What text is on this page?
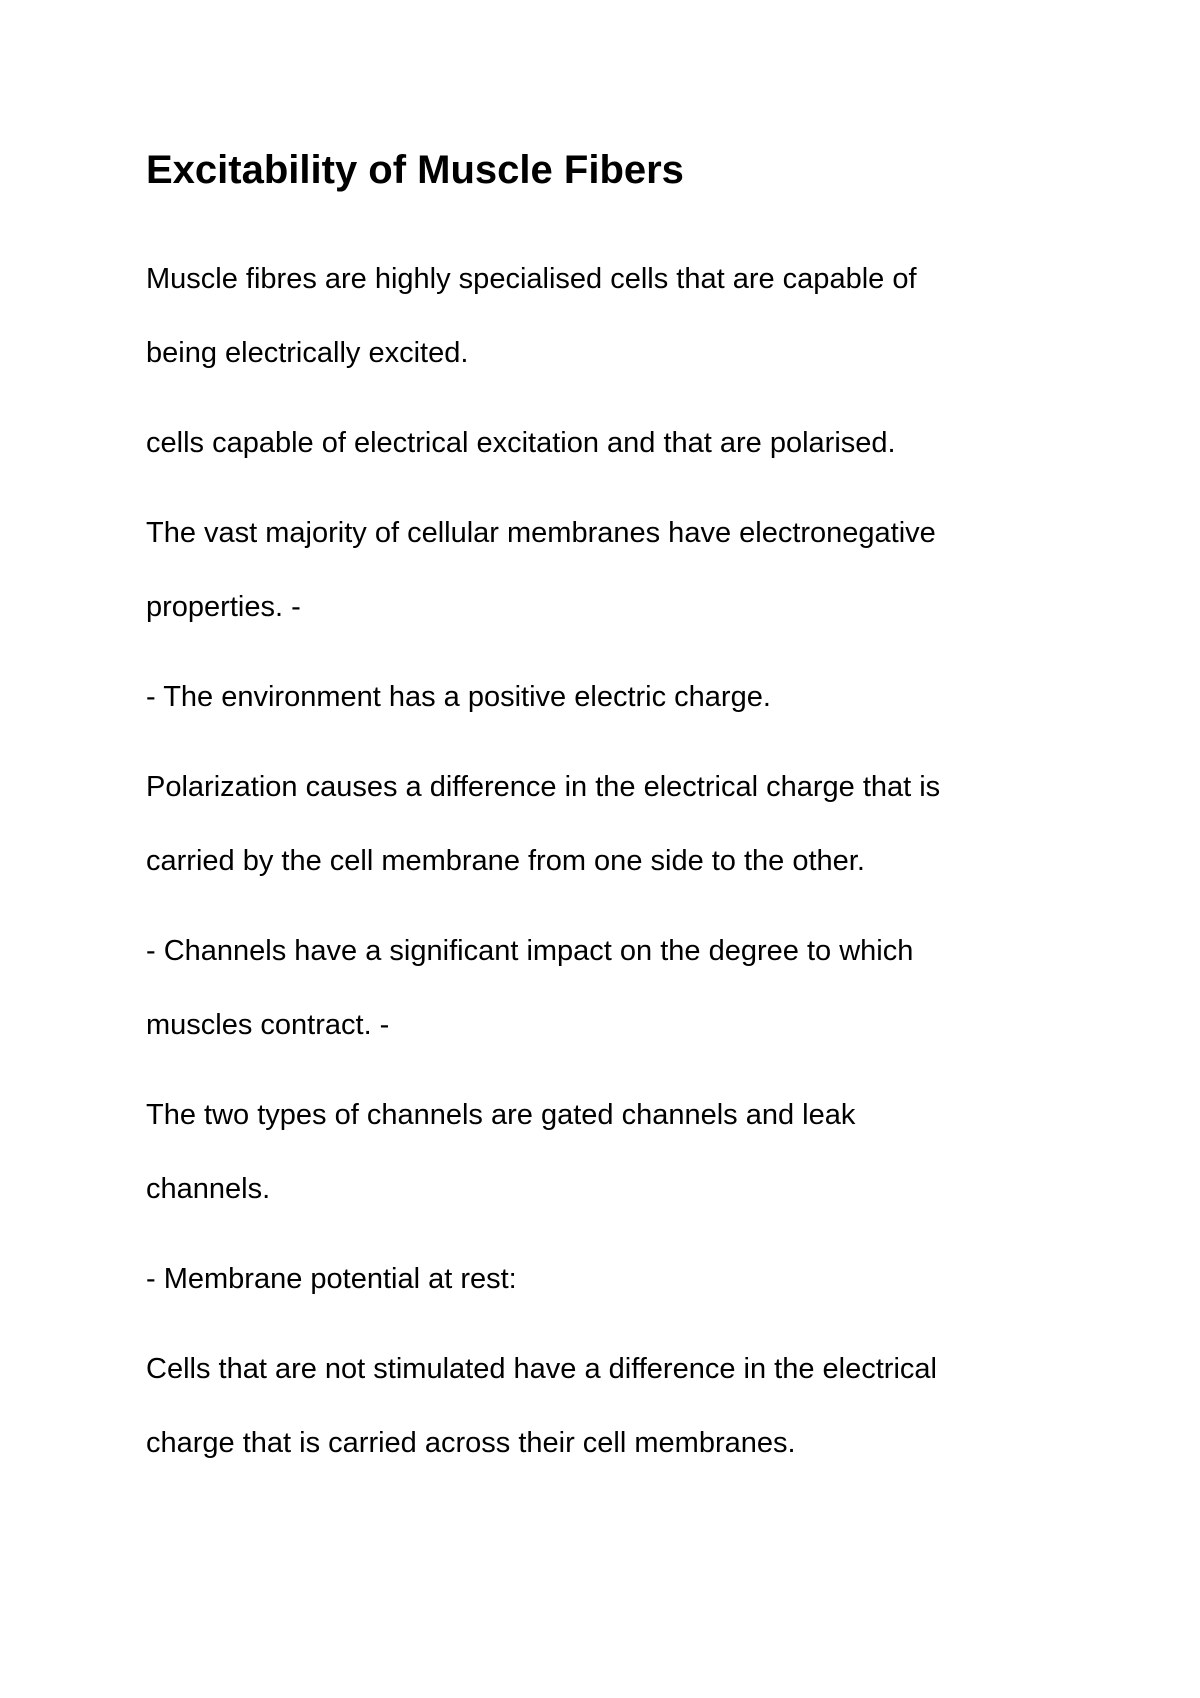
Excitability of Muscle Fibers

Muscle fibres are highly specialised cells that are capable of
being electrically excited.

cells capable of electrical excitation and that are polarised.

The vast majority of cellular membranes have electronegative
properties. -

- The environment has a positive electric charge.

Polarization causes a difference in the electrical charge that is
carried by the cell membrane from one side to the other.

- Channels have a significant impact on the degree to which
muscles contract. -

The two types of channels are gated channels and leak
channels.

- Membrane potential at rest:

Cells that are not stimulated have a difference in the electrical
charge that is carried across their cell membranes.
